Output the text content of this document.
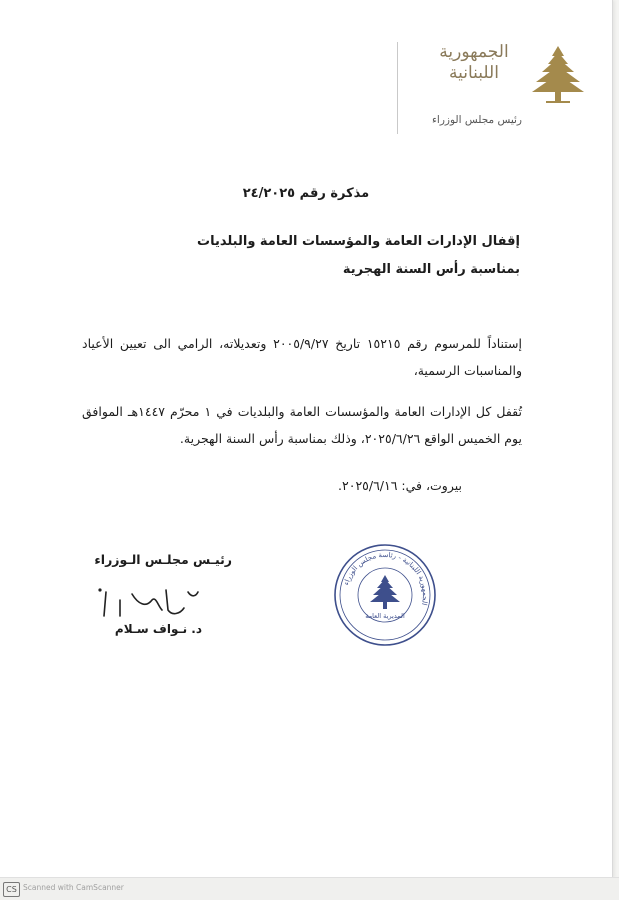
الجمهورية اللبنانية
رئيس مجلس الوزراء
مذكرة رقم ٢٤/٢٠٢٥
إقفال الإدارات العامة والمؤسسات العامة والبلديات
بمناسبة رأس السنة الهجرية
إستناداً للمرسوم رقم ١٥٢١٥ تاريخ ٢٠٠٥/٩/٢٧ وتعديلاته، الرامي الى تعيين الأعياد والمناسبات الرسمية،
تُقفل كل الإدارات العامة والمؤسسات العامة والبلديات في ١ محرّم ١٤٤٧هـ الموافق يوم الخميس الواقع ٢٠٢٥/٦/٢٦، وذلك بمناسبة رأس السنة الهجرية.
بيروت، في: ٢٠٢٥/٦/١٦.
رئيـس مجلـس الـوزراء
د. نـواف سـلام
الجمهورية اللبنانية - رئاسة مجلس الوزراء
المديرية العامة
CS Scanned with CamScanner
